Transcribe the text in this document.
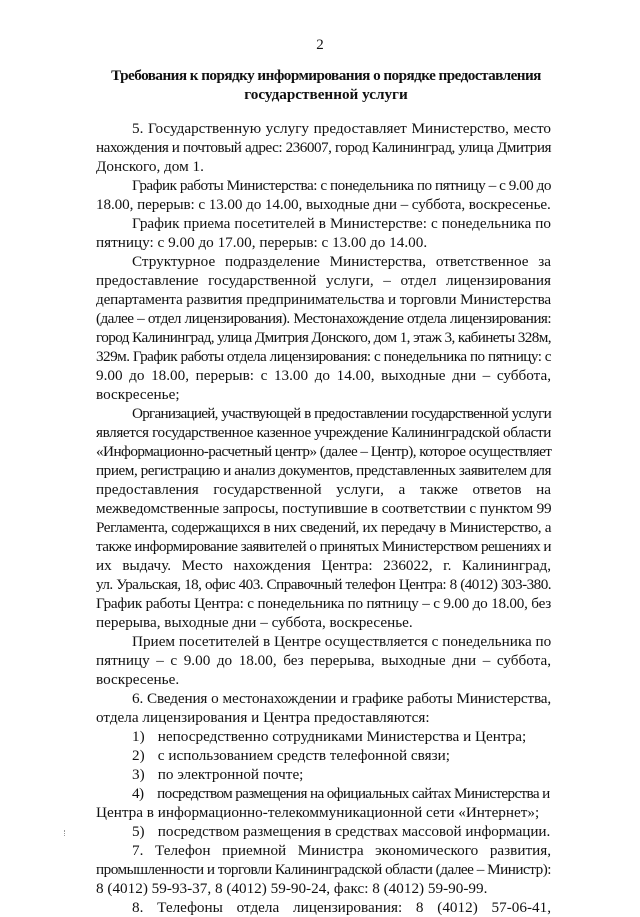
2
Требования к порядку информирования о порядке предоставления
государственной услуги
5. Государственную услугу предоставляет Министерство, место
нахождения и почтовый адрес: 236007, город Калининград, улица Дмитрия
Донского, дом 1.
График работы Министерства: с понедельника по пятницу – с 9.00 до
18.00, перерыв: с 13.00 до 14.00, выходные дни – суббота, воскресенье.
График приема посетителей в Министерстве: с понедельника по
пятницу: с 9.00 до 17.00, перерыв: с 13.00 до 14.00.
Структурное подразделение Министерства, ответственное за
предоставление государственной услуги, – отдел лицензирования
департамента развития предпринимательства и торговли Министерства
(далее – отдел лицензирования). Местонахождение отдела лицензирования:
город Калининград, улица Дмитрия Донского, дом 1, этаж 3, кабинеты 328м,
329м. График работы отдела лицензирования: с понедельника по пятницу: с
9.00 до 18.00, перерыв: с 13.00 до 14.00, выходные дни – суббота,
воскресенье;
Организацией, участвующей в предоставлении государственной услуги
является государственное казенное учреждение Калининградской области
«Информационно-расчетный центр» (далее – Центр), которое осуществляет
прием, регистрацию и анализ документов, представленных заявителем для
предоставления государственной услуги, а также ответов на
межведомственные запросы, поступившие в соответствии с пунктом 99
Регламента, содержащихся в них сведений, их передачу в Министерство, а
также информирование заявителей о принятых Министерством решениях и
их выдачу. Место нахождения Центра: 236022, г. Калининград,
ул. Уральская, 18, офис 403. Справочный телефон Центра: 8 (4012) 303-380.
График работы Центра: с понедельника по пятницу – с 9.00 до 18.00, без
перерыва, выходные дни – суббота, воскресенье.
Прием посетителей в Центре осуществляется с понедельника по
пятницу – с 9.00 до 18.00, без перерыва, выходные дни – суббота,
воскресенье.
6. Сведения о местонахождении и графике работы Министерства,
отдела лицензирования и Центра предоставляются:
1) непосредственно сотрудниками Министерства и Центра;
2) с использованием средств телефонной связи;
3) по электронной почте;
4) посредством размещения на официальных сайтах Министерства и
Центра в информационно-телекоммуникационной сети «Интернет»;
5) посредством размещения в средствах массовой информации.
7. Телефон приемной Министра экономического развития,
промышленности и торговли Калининградской области (далее – Министр):
8 (4012) 59-93-37, 8 (4012) 59-90-24, факс: 8 (4012) 59-90-99.
8. Телефоны отдела лицензирования: 8 (4012) 57-06-41,
